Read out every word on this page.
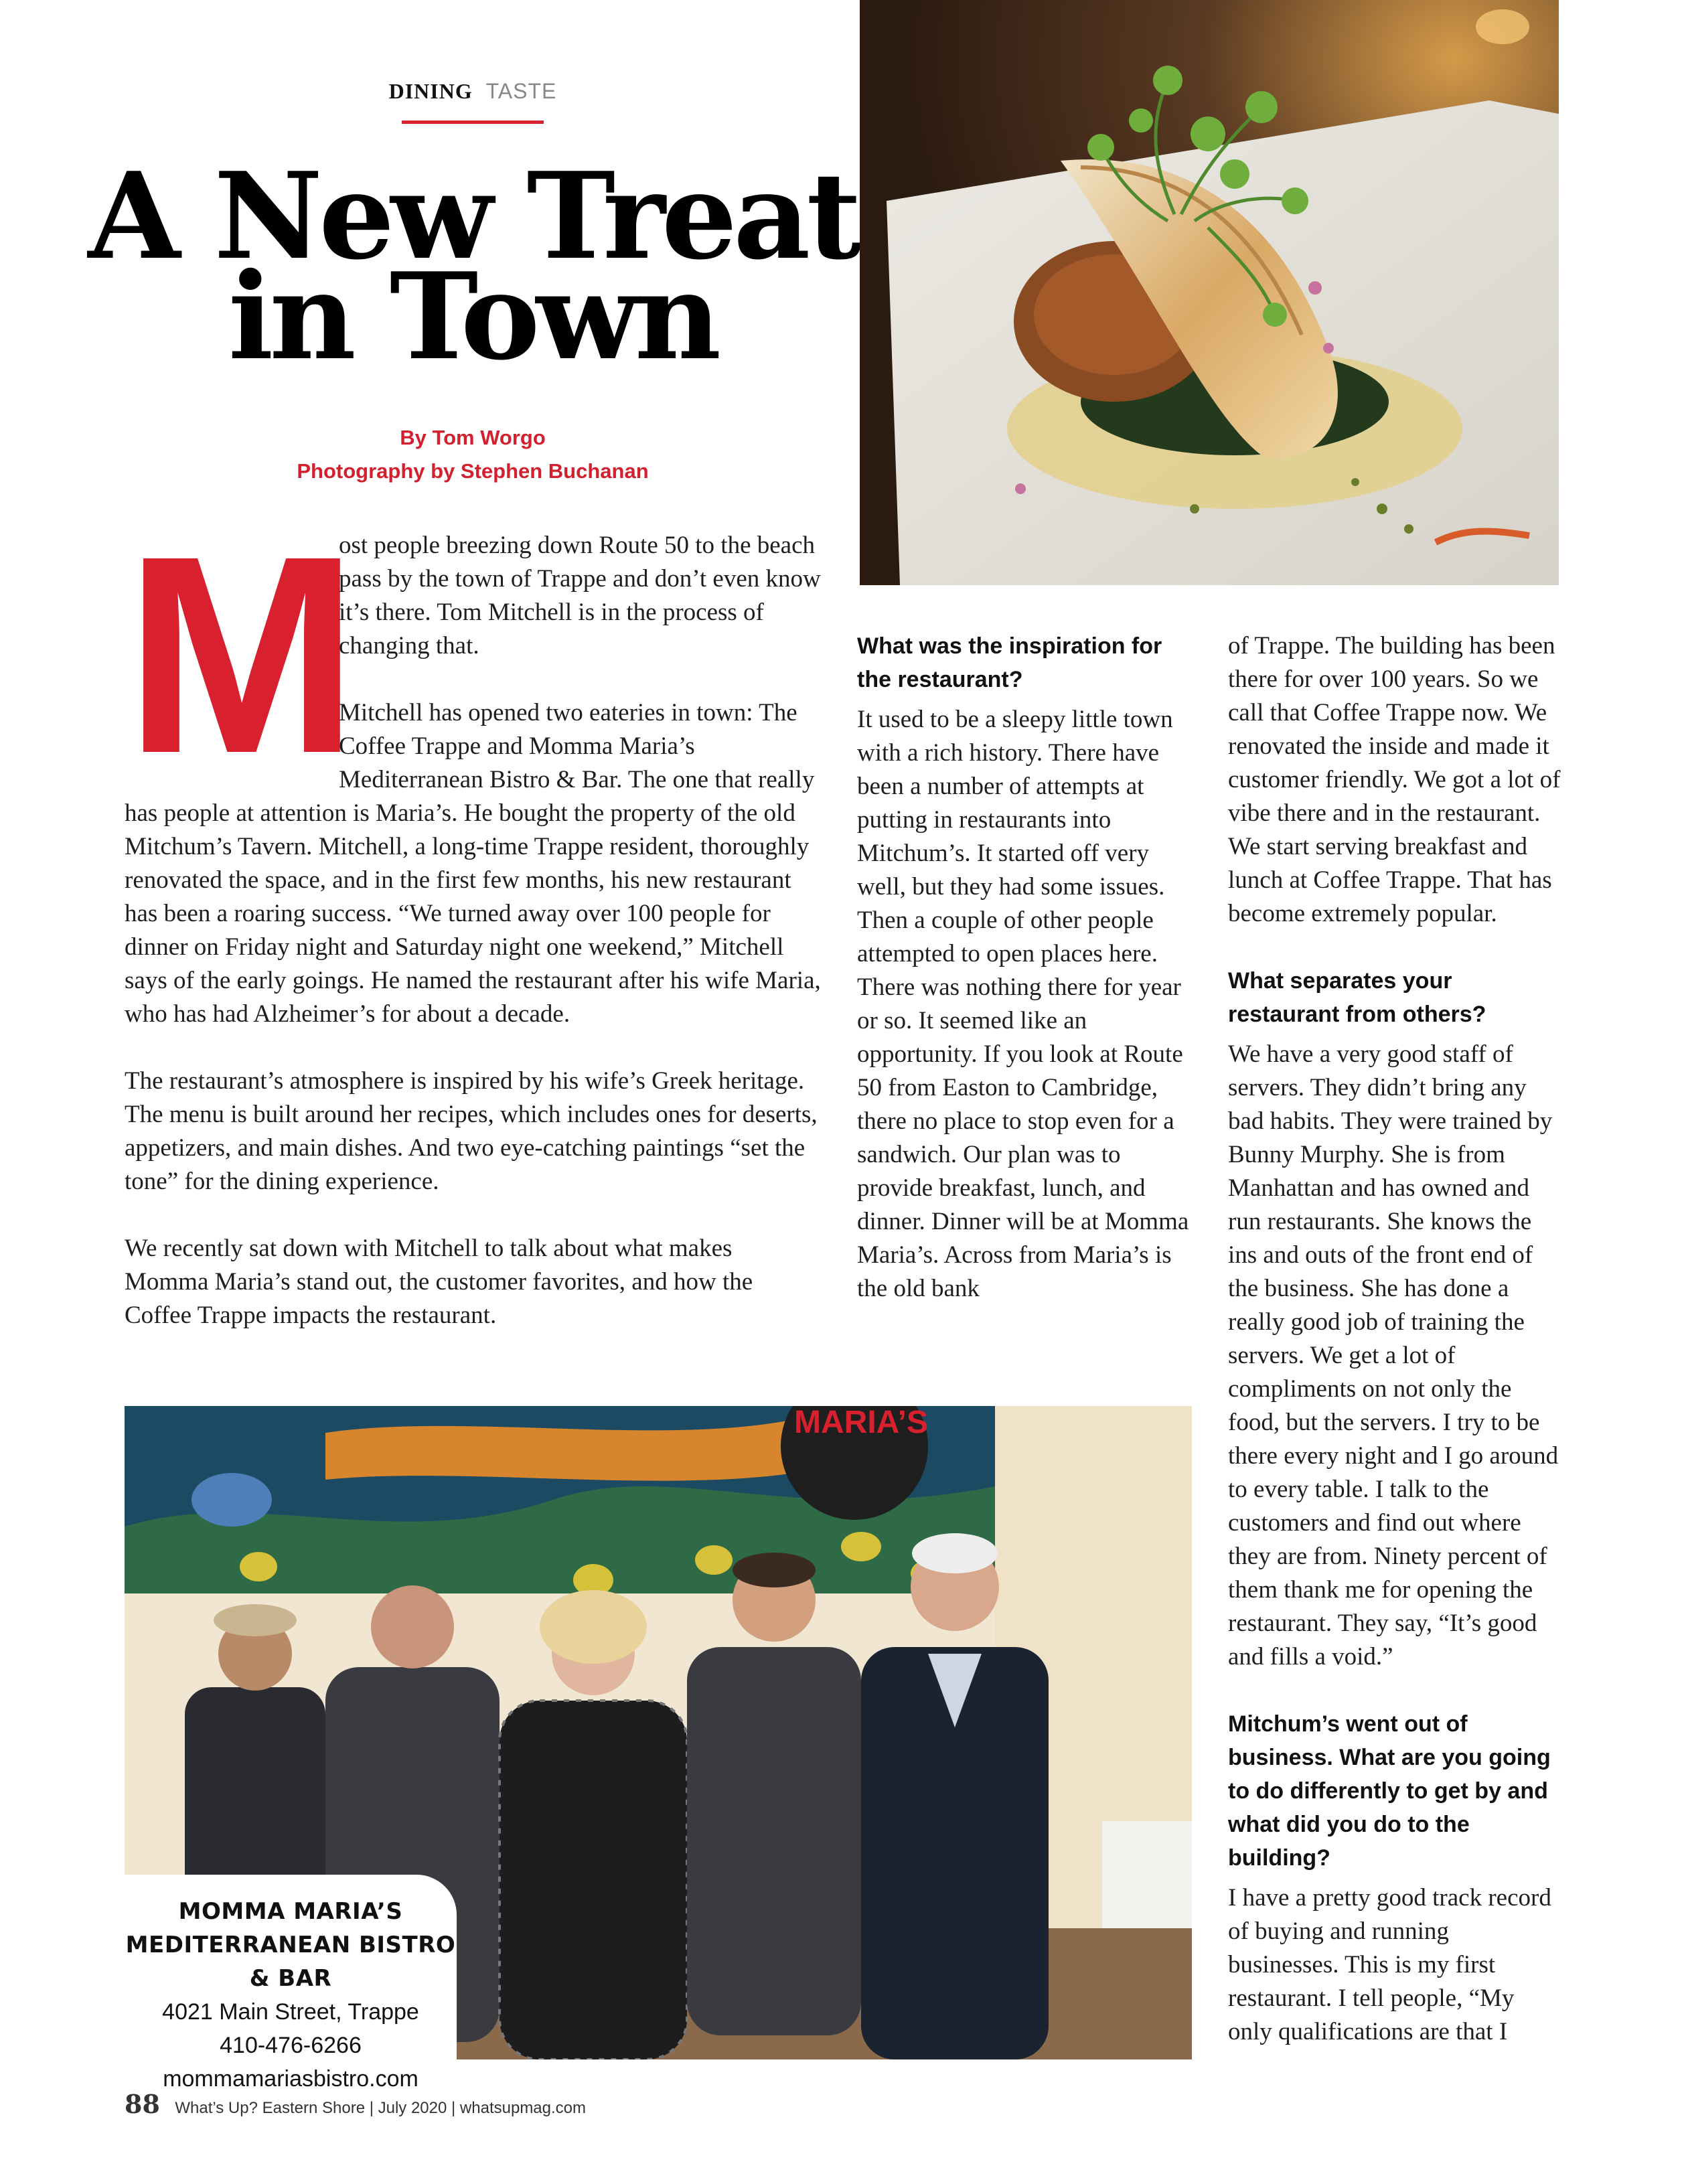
DINING TASTE
A New Treat
in Town
By Tom Worgo
Photography by Stephen Buchanan
M

ost people breezing down Route 50 to the beach pass by the town of Trappe and don’t even know it’s there. Tom Mitchell is in the process of changing that.

Mitchell has opened two eateries in town: The Coffee Trappe and Momma Maria’s Mediterranean Bistro & Bar. The one that really has people at attention is Maria’s. He bought the property of the old Mitchum’s Tavern. Mitchell, a long-time Trappe resident, thoroughly renovated the space, and in the first few months, his new restaurant has been a roaring success. “We turned away over 100 people for dinner on Friday night and Saturday night one weekend,” Mitchell says of the early goings. He named the restaurant after his wife Maria, who has had Alzheimer’s for about a decade.

The restaurant’s atmosphere is inspired by his wife’s Greek heritage. The menu is built around her recipes, which includes ones for deserts, appetizers, and main dishes. And two eye-catching paintings “set the tone” for the dining experience.

We recently sat down with Mitchell to talk about what makes Momma Maria’s stand out, the customer favorites, and how the Coffee Trappe impacts the restaurant.

What was the inspiration for the restaurant?

It used to be a sleepy little town with a rich history. There have been a number of attempts at putting in restaurants into Mitchum’s. It started off very well, but they had some issues. Then a couple of other people attempted to open places here. There was nothing there for year or so. It seemed like an opportunity. If you look at Route 50 from Easton to Cambridge, there no place to stop even for a sandwich. Our plan was to provide breakfast, lunch, and dinner. Dinner will be at Momma Maria’s. Across from Maria’s is the old bank

of Trappe. The building has been there for over 100 years. So we call that Coffee Trappe now. We renovated the inside and made it customer friendly. We got a lot of vibe there and in the restaurant. We start serving breakfast and lunch at Coffee Trappe. That has become extremely popular.

What separates your restaurant from others?

We have a very good staff of servers. They didn’t bring any bad habits. They were trained by Bunny Murphy. She is from Manhattan and has owned and run restaurants. She knows the ins and outs of the front end of the business. She has done a really good job of training the servers. We get a lot of compliments on not only the food, but the servers. I try to be there every night and I go around to every table. I talk to the customers and find out where they are from. Ninety percent of them thank me for opening the restaurant. They say, “It’s good and fills a void.”

Mitchum’s went out of business. What are you going to do differently to get by and what did you do to the building?

I have a pretty good track record of buying and running businesses. This is my first restaurant. I tell people, “My only qualifications are that I

MARIA’S
MOMMA MARIA’S MEDITERRANEAN BISTRO & BAR
4021 Main Street, Trappe
410-476-6266
mommamariasbistro.com
88 What’s Up? Eastern Shore | July 2020 | whatsupmag.com
